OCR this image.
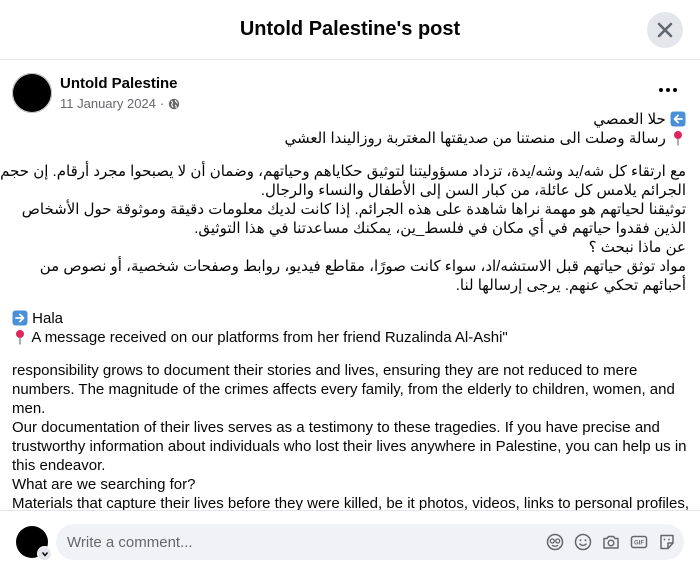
Untold Palestine's post
Untold Palestine
11 January 2024 ·
حلا العمصي
رسالة وصلت الى منصتنا من صديقتها المغتربة روزاليندا العشي
مع ارتقاء كل شه/يد وشه/يدة، تزداد مسؤوليتنا لتوثيق حكاياهم وحياتهم، وضمان أن لا يصبحوا مجرد أرقام. إن حجم
الجرائم يلامس كل عائلة، من كبار السن إلى الأطفال والنساء والرجال.
توثيقنا لحياتهم هو مهمة نراها شاهدة على هذه الجرائم. إذا كانت لديك معلومات دقيقة وموثوقة حول الأشخاص
الذين فقدوا حياتهم في أي مكان في فلسط_ين، يمكنك مساعدتنا في هذا التوثيق.
عن ماذا نبحث ؟
مواد توثق حياتهم قبل الاستشه/اد، سواء كانت صورًا، مقاطع فيديو، روابط وصفحات شخصية، أو نصوص من
أحبائهم تحكي عنهم. يرجى إرسالها لنا.
Hala
A message received on our platforms from her friend Ruzalinda Al-Ashi"
responsibility grows to document their stories and lives, ensuring they are not reduced to mere
numbers. The magnitude of the crimes affects every family, from the elderly to children, women, and
men.
Our documentation of their lives serves as a testimony to these tragedies. If you have precise and
trustworthy information about individuals who lost their lives anywhere in Palestine, you can help us in
this endeavor.
What are we searching for?
Materials that capture their lives before they were killed, be it photos, videos, links to personal profiles,
Write a comment...
GIF
